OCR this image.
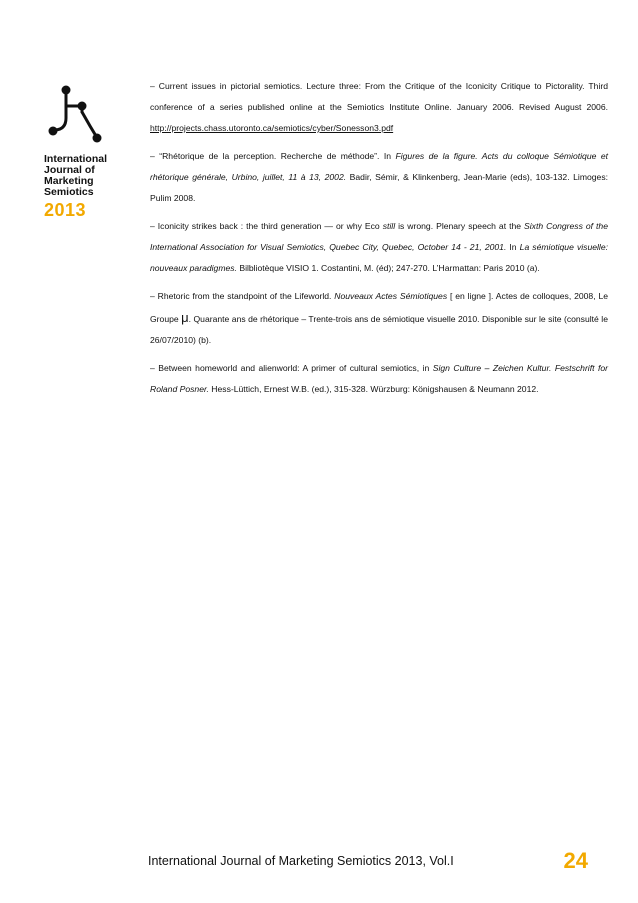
International
Journal of
Marketing
Semiotics
2013

– Current issues in pictorial semiotics. Lecture three: From the Critique of the Iconicity Critique to Pictorality. Third conference of a series published online at the Semiotics Institute Online. January 2006. Revised August 2006. http://projects.chass.utoronto.ca/semiotics/cyber/Sonesson3.pdf

– “Rhétorique de la perception. Recherche de méthode”. In Figures de la figure. Acts du colloque Sémiotique et rhétorique générale, Urbino, juillet, 11 à 13, 2002. Badir, Sémir, & Klinkenberg, Jean-Marie (eds), 103-132. Limoges: Pulim 2008.

– Iconicity strikes back : the third generation — or why Eco still is wrong. Plenary speech at the Sixth Congress of the International Association for Visual Semiotics, Quebec City, Quebec, October 14 - 21, 2001. In La sémiotique visuelle: nouveaux paradigmes. Bilbliotèque VISIO 1. Costantini, M. (éd); 247-270. L’Harmattan: Paris 2010 (a).

– Rhetoric from the standpoint of the Lifeworld. Nouveaux Actes Sémiotiques [ en ligne ]. Actes de colloques, 2008, Le Groupe μ. Quarante ans de rhétorique – Trente-trois ans de sémiotique visuelle 2010. Disponible sur le site (consulté le 26/07/2010) (b).

– Between homeworld and alienworld: A primer of cultural semiotics, in Sign Culture – Zeichen Kultur. Festschrift for Roland Posner. Hess-Lüttich, Ernest W.B. (ed.), 315-328. Würzburg: Königshausen & Neumann 2012.

International Journal of Marketing Semiotics 2013, Vol.I	24
